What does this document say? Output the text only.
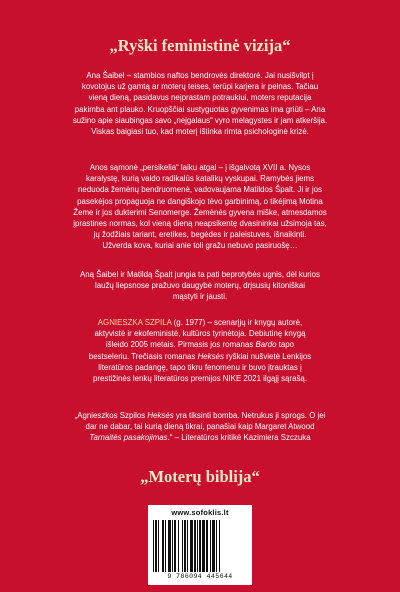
„Ryški feministinė vizija“
Ana Šaibel – stambios naftos bendrovės direktorė. Jai nusišvilpt į
kovotojus už gamtą ar moterų teises, terūpi karjera ir pelnas. Tačiau
vieną dieną, pasidavus neįprastam potraukiui, moters reputacija
pakimba ant plauko. Kruopščiai sustyguotas gyvenimas ima griūti – Ana
sužino apie siaubingas savo „nejgalaus“ vyro melagystes ir jam atkeršija.
Viskas baigiasi tuo, kad moterį ištinka rimta psichologinė krizė.
Anos sąmonė „persikelia“ laiku atgal – į išgalvotą XVII a. Nysos
karalystę, kurią valdo radikalūs katalikų vyskupai. Ramybės jiems
neduoda žemėnų bendruomenė, vadovaujama Matildos Špalt. Ji ir jos
pasekėjos propaguoja ne dangiškojo tėvo garbinimą, o tikėjimą Motina
Žeme ir jos dukterimi Senomerge. Žemėnės gyvena miške, atmesdamos
įprastines normas, kol vieną dieną neapsikentę dvasininkai užsimoja tas,
jų žodžiais tariant, eretikes, begėdes ir paleistuves, išnaikinti.
Užverda kova, kuriai anie toli gražu nebuvo pasiruošę…
Aną Šaibel ir Matildą Špalt jungia ta pati beprotybės ugnis, dėl kurios
laužų liepsnose pražuvo daugybė moterų, drįsusių kitoniškai
mąstyti ir jausti.
AGNIESZKA SZPILA (g. 1977) – scenarįjų ir knygų autorė,
aktyvistė ir ekofeministė, kultūros tyrinėtoja. Debiutinę knygą
išleido 2005 metais. Pirmasis jos romanas Bardo tapo
bestseleriu. Trečiasis romanas Heksės ryškiai nušvietė Lenkijos
literatūros padangę, tapo tikru fenomenu ir buvo įtrauktas į
prestižinės lenkų literatūros premijos NIKE 2021 ilgąjį sąrašą.
„Agnieszkos Szpilos Heksės yra tiksinti bomba. Netrukus ji sprogs. O jei
dar ne dabar, tai kurią dieną tikrai, panašiai kaip Margaret Atwood
Tarnaitės pasakojimas.“ – Literatūros kritikė Kazimiera Szczuka
„Moterų biblija“
www.sofoklis.lt
9 786094 445644
